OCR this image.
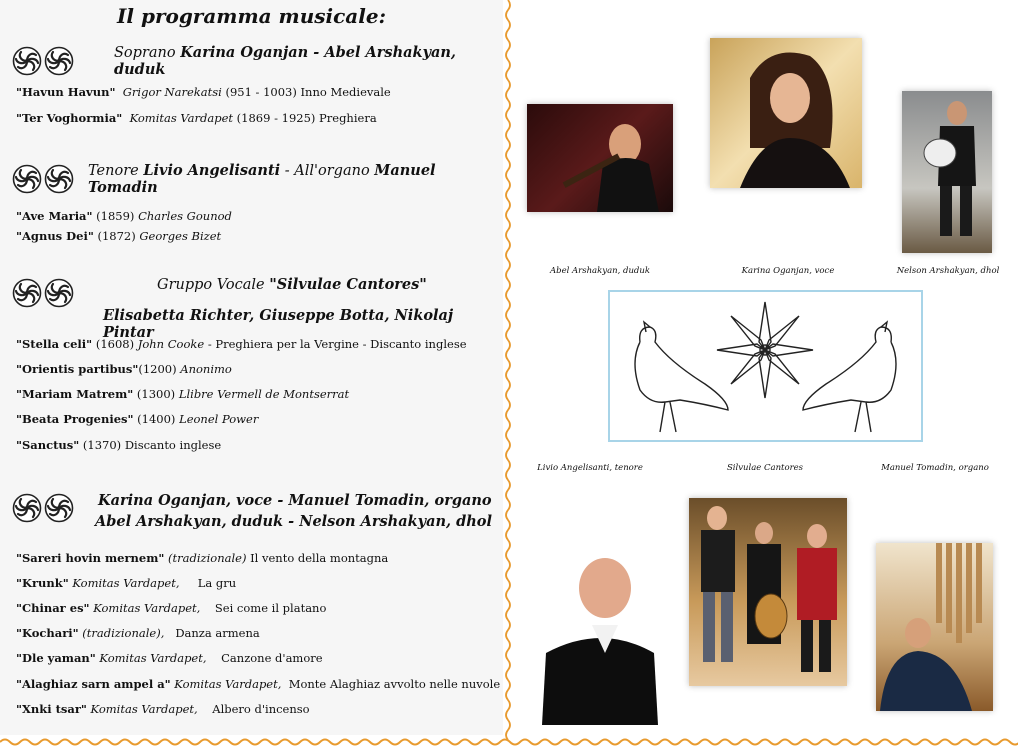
Il programma musicale:
Soprano Karina Oganjan - Abel Arshakyan, duduk
"Havun Havun" Grigor Narekatsi (951 - 1003) Inno Medievale
"Ter Voghormia" Komitas Vardapet (1869 - 1925) Preghiera
Tenore Livio Angelisanti - All'organo Manuel Tomadin
"Ave Maria" (1859) Charles Gounod
"Agnus Dei" (1872) Georges Bizet
Gruppo Vocale "Silvulae Cantores"
Elisabetta Richter, Giuseppe Botta, Nikolaj Pintar
"Stella celi" (1608) John Cooke - Preghiera per la Vergine - Discanto inglese
"Orientis partibus"(1200) Anonimo
"Mariam Matrem" (1300) Llibre Vermell de Montserrat
"Beata Progenies" (1400) Leonel Power
"Sanctus" (1370) Discanto inglese
Karina Oganjan, voce - Manuel Tomadin, organo
Abel Arshakyan, duduk - Nelson Arshakyan, dhol
"Sareri hovin mernem" (tradizionale) Il vento della montagna
"Krunk" Komitas Vardapet,     La gru
"Chinar es" Komitas Vardapet,    Sei come il platano
"Kochari" (tradizionale),   Danza armena
"Dle yaman" Komitas Vardapet,    Canzone d'amore
"Alaghiaz sarn ampel a" Komitas Vardapet,  Monte Alaghiaz avvolto nelle nuvole
"Xnki tsar" Komitas Vardapet,    Albero d'incenso
Abel Arshakyan, duduk	Karina Oganjan, voce	Nelson Arshakyan, dhol
Livio Angelisanti, tenore	Silvulae Cantores	Manuel Tomadin, organo
